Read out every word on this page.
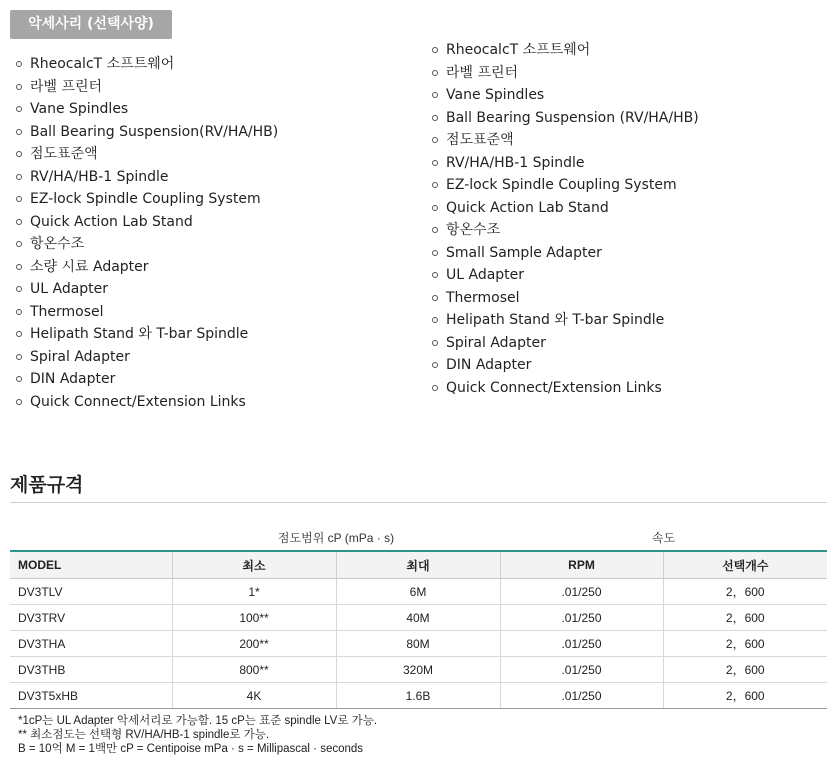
악세사리 (선택사양)
RheocalcT 소프트웨어
라벨 프린터
Vane Spindles
Ball Bearing Suspension(RV/HA/HB)
점도표준액
RV/HA/HB-1 Spindle
EZ-lock Spindle Coupling System
Quick Action Lab Stand
항온수조
소량 시료 Adapter
UL Adapter
Thermosel
Helipath Stand 와 T-bar Spindle
Spiral Adapter
DIN Adapter
Quick Connect/Extension Links
RheocalcT 소프트웨어
라벨 프린터
Vane Spindles
Ball Bearing Suspension (RV/HA/HB)
점도표준액
RV/HA/HB-1 Spindle
EZ-lock Spindle Coupling System
Quick Action Lab Stand
항온수조
Small Sample Adapter
UL Adapter
Thermosel
Helipath Stand 와 T-bar Spindle
Spiral Adapter
DIN Adapter
Quick Connect/Extension Links
제품규격
	점도범위 cP (mPa · s)		속도	
MODEL	최소	최대	RPM	선택개수
DV3TLV	1*	6M	.01/250	2，600
DV3TRV	100**	40M	.01/250	2，600
DV3THA	200**	80M	.01/250	2，600
DV3THB	800**	320M	.01/250	2，600
DV3T5xHB	4K	1.6B	.01/250	2，600
*1cP는 UL Adapter 악세서리로 가능함. 15 cP는 표준 spindle LV로 가능.
** 최소점도는 선택형 RV/HA/HB-1 spindle로 가능.
B = 10억 M = 1백만 cP = Centipoise mPa · s = Millipascal · seconds
